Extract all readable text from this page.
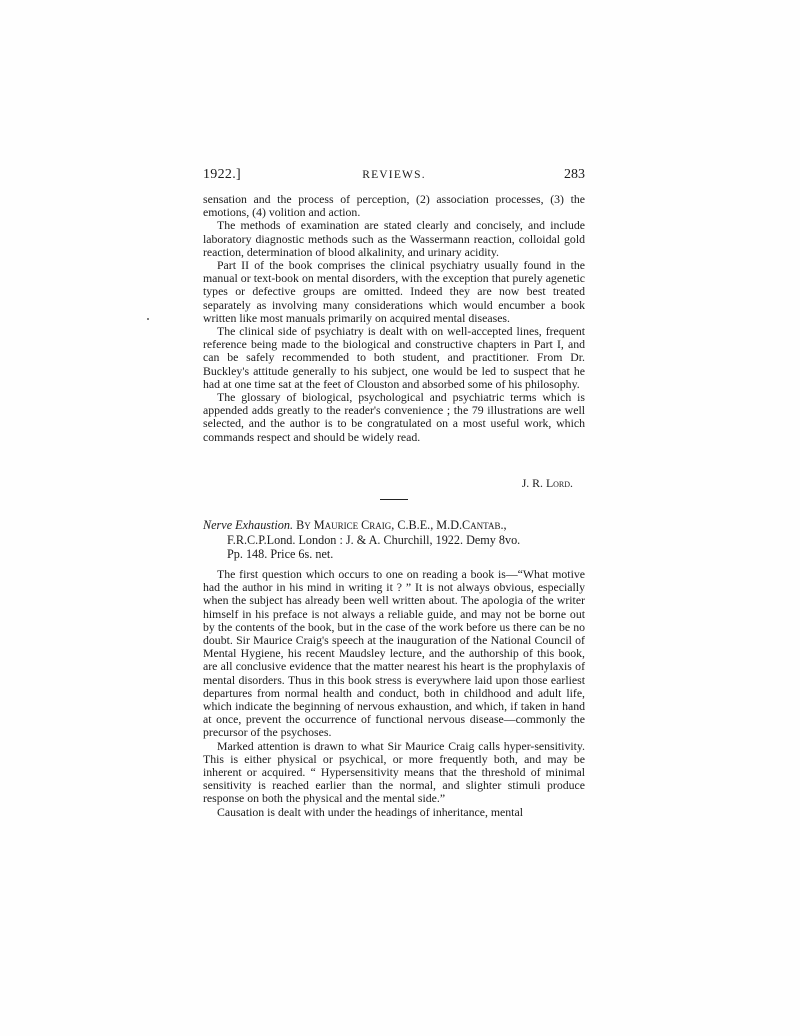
1922.]	REVIEWS.	283

sensation and the process of perception, (2) association processes, (3) the emotions, (4) volition and action.

The methods of examination are stated clearly and concisely, and include laboratory diagnostic methods such as the Wassermann reaction, colloidal gold reaction, determination of blood alkalinity, and urinary acidity.

Part II of the book comprises the clinical psychiatry usually found in the manual or text-book on mental disorders, with the exception that purely agenetic types or defective groups are omitted. Indeed they are now best treated separately as involving many considerations which would encumber a book written like most manuals primarily on acquired mental diseases.

The clinical side of psychiatry is dealt with on well-accepted lines, frequent reference being made to the biological and constructive chapters in Part I, and can be safely recommended to both student, and practitioner. From Dr. Buckley's attitude generally to his subject, one would be led to suspect that he had at one time sat at the feet of Clouston and absorbed some of his philosophy.

The glossary of biological, psychological and psychiatric terms which is appended adds greatly to the reader's convenience ; the 79 illustrations are well selected, and the author is to be congratulated on a most useful work, which commands respect and should be widely read.

J. R. Lord.
Nerve Exhaustion. By Maurice Craig, C.B.E., M.D.Cantab.,
F.R.C.P.Lond. London : J. & A. Churchill, 1922. Demy 8vo.
Pp. 148. Price 6s. net.

The first question which occurs to one on reading a book is—“What motive had the author in his mind in writing it ? ” It is not always obvious, especially when the subject has already been well written about. The apologia of the writer himself in his preface is not always a reliable guide, and may not be borne out by the contents of the book, but in the case of the work before us there can be no doubt. Sir Maurice Craig's speech at the inauguration of the National Council of Mental Hygiene, his recent Maudsley lecture, and the authorship of this book, are all conclusive evidence that the matter nearest his heart is the prophylaxis of mental disorders. Thus in this book stress is everywhere laid upon those earliest departures from normal health and conduct, both in childhood and adult life, which indicate the beginning of nervous exhaustion, and which, if taken in hand at once, prevent the occurrence of functional nervous disease—commonly the precursor of the psychoses.

Marked attention is drawn to what Sir Maurice Craig calls hyper-sensitivity. This is either physical or psychical, or more frequently both, and may be inherent or acquired. “ Hypersensitivity means that the threshold of minimal sensitivity is reached earlier than the normal, and slighter stimuli produce response on both the physical and the mental side.”

Causation is dealt with under the headings of inheritance, mental
